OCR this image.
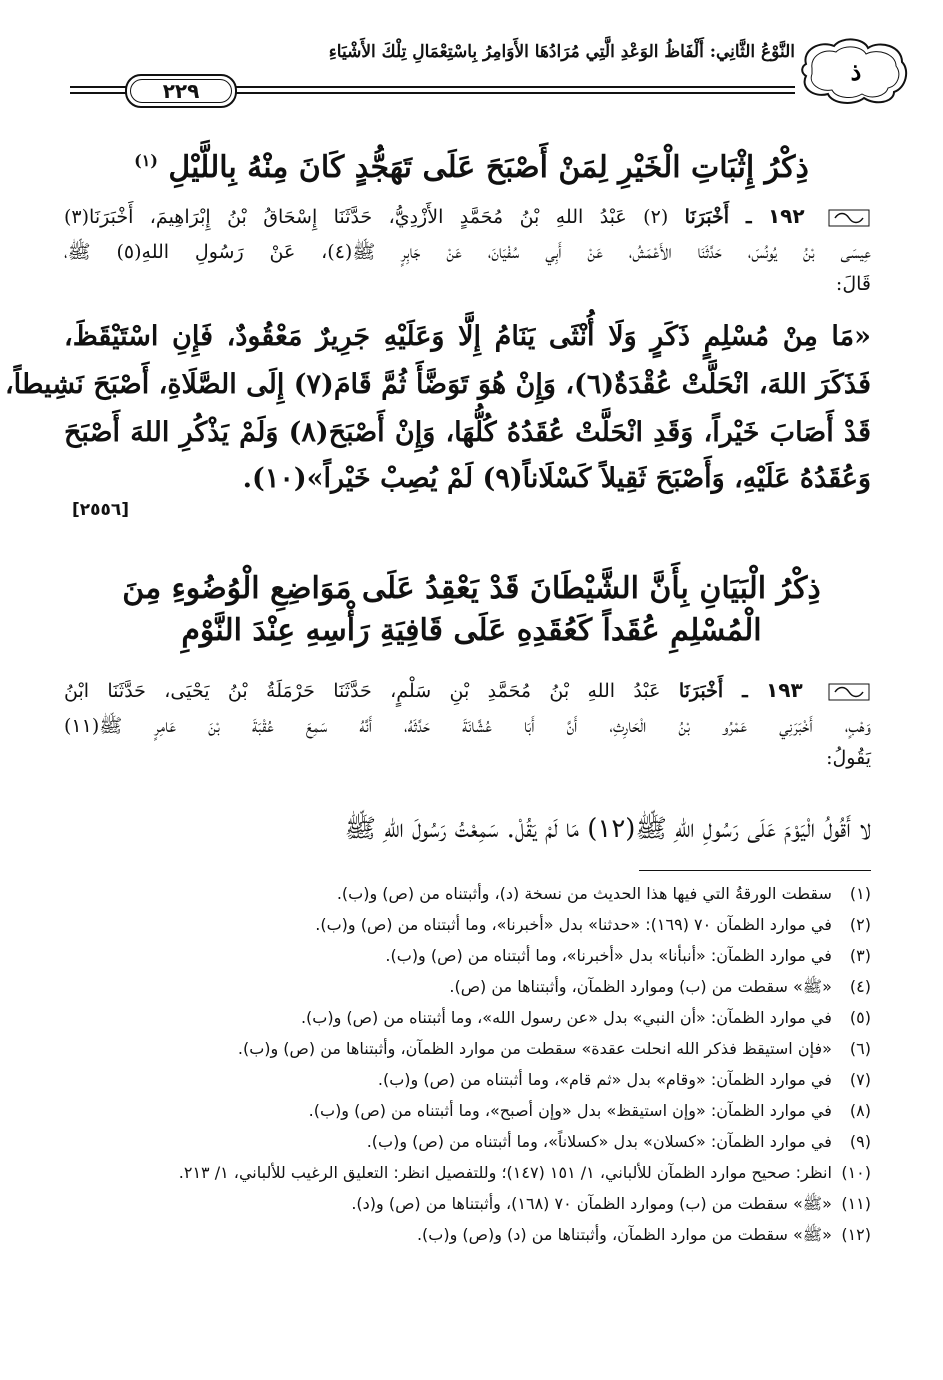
ذ
النَّوْعُ الثَّانِي: أَلْفَاظُ الوَعْدِ الَّتِي مُرَادُهَا الأَوَامِرُ بِاسْتِعْمَالِ تِلْكَ الأَشْيَاءِ
٢٢٩
ذِكْرُ إِثْبَاتِ الْخَيْرِ لِمَنْ أَصْبَحَ عَلَى تَهَجُّدٍ كَانَ مِنْهُ بِاللَّيْلِ $^{(١)}$
١٩٢ ـ أَخْبَرَنَا (٢) عَبْدُ اللهِ بْنُ مُحَمَّدٍ الأَزْدِيُّ، حَدَّثَنَا إِسْحَاقُ بْنُ إِبْرَاهِيمَ، أَخْبَرَنَا(٣)
عِيسَى بْنُ يُونُسَ، حَدَّثَنَا الأَعْمَشُ، عَنْ أَبِي سُفْيَانَ، عَنْ جَابِرٍ ﷺ(٤)، عَنْ رَسُولِ اللهِ(٥) ﷺ،
قَالَ:
«مَا مِنْ مُسْلِمٍ ذَكَرٍ وَلَا أُنْثَى يَنَامُ إِلَّا وَعَلَيْهِ جَرِيرٌ مَعْقُودٌ، فَإِنِ اسْتَيْقَظَ،
فَذَكَرَ اللهَ، انْحَلَّتْ عُقْدَةٌ(٦)، وَإِنْ هُوَ تَوَضَّأَ ثُمَّ قَامَ(٧) إِلَى الصَّلَاةِ، أَصْبَحَ نَشِيطاً،
قَدْ أَصَابَ خَيْراً، وَقَدِ انْحَلَّتْ عُقَدُهُ كُلُّهَا، وَإِنْ أَصْبَحَ(٨) وَلَمْ يَذْكُرِ اللهَ أَصْبَحَ
وَعُقَدُهُ عَلَيْهِ، وَأَصْبَحَ ثَقِيلاً كَسْلَاناً(٩) لَمْ يُصِبْ خَيْراً»(١٠).
[٢٥٥٦]
ذِكْرُ الْبَيَانِ بِأَنَّ الشَّيْطَانَ قَدْ يَعْقِدُ عَلَى مَوَاضِعِ الْوُضُوءِ مِنَ
الْمُسْلِمِ عُقَداً كَعُقَدِهِ عَلَى قَافِيَةِ رَأْسِهِ عِنْدَ النَّوْمِ
١٩٣ ـ أَخْبَرَنَا عَبْدُ اللهِ بْنُ مُحَمَّدِ بْنِ سَلْمٍ، حَدَّثَنَا حَرْمَلَةُ بْنُ يَحْيَى، حَدَّثَنَا ابْنُ
وَهْبٍ، أَخْبَرَنِي عَمْرُو بْنُ الْحَارِثِ، أَنَّ أَبَا عُشَّانَةَ حَدَّثَهُ، أَنَّهُ سَمِعَ عُقْبَةَ بْنَ عَامِرٍ ﷺ(١١)
يَقُولُ:
لا أَقُولُ الْيَوْمَ عَلَى رَسُولِ اللهِ ﷺ(١٢) مَا لَمْ يَقُلْ. سَمِعْتُ رَسُولَ اللهِ ﷺ
(١) سقطت الورقةُ التي فيها هذا الحديث من نسخة (د)، وأثبتناه من (ص) و(ب).
(٢) في موارد الظمآن ٧٠ (١٦٩): «حدثنا» بدل «أخبرنا»، وما أثبتناه من (ص) و(ب).
(٣) في موارد الظمآن: «أنبأنا» بدل «أخبرنا»، وما أثبتناه من (ص) و(ب).
(٤) «ﷺ» سقطت من (ب) وموارد الظمآن، وأثبتناها من (ص).
(٥) في موارد الظمآن: «أن النبي» بدل «عن رسول الله»، وما أثبتناه من (ص) و(ب).
(٦) «فإن استيقظ فذكر الله انحلت عقدة» سقطت من موارد الظمآن، وأثبتناها من (ص) و(ب).
(٧) في موارد الظمآن: «وقام» بدل «ثم قام»، وما أثبتناه من (ص) و(ب).
(٨) في موارد الظمآن: «وإن استيقظ» بدل «وإن أصبح»، وما أثبتناه من (ص) و(ب).
(٩) في موارد الظمآن: «كسلان» بدل «كسلاناً»، وما أثبتناه من (ص) و(ب).
(١٠) انظر: صحيح موارد الظمآن للألباني، ١/ ١٥١ (١٤٧)؛ وللتفصيل انظر: التعليق الرغيب للألباني، ١/ ٢١٣.
(١١) «ﷺ» سقطت من (ب) وموارد الظمآن ٧٠ (١٦٨)، وأثبتناها من (ص) و(د).
(١٢) «ﷺ» سقطت من موارد الظمآن، وأثبتناها من (د) و(ص) و(ب).
